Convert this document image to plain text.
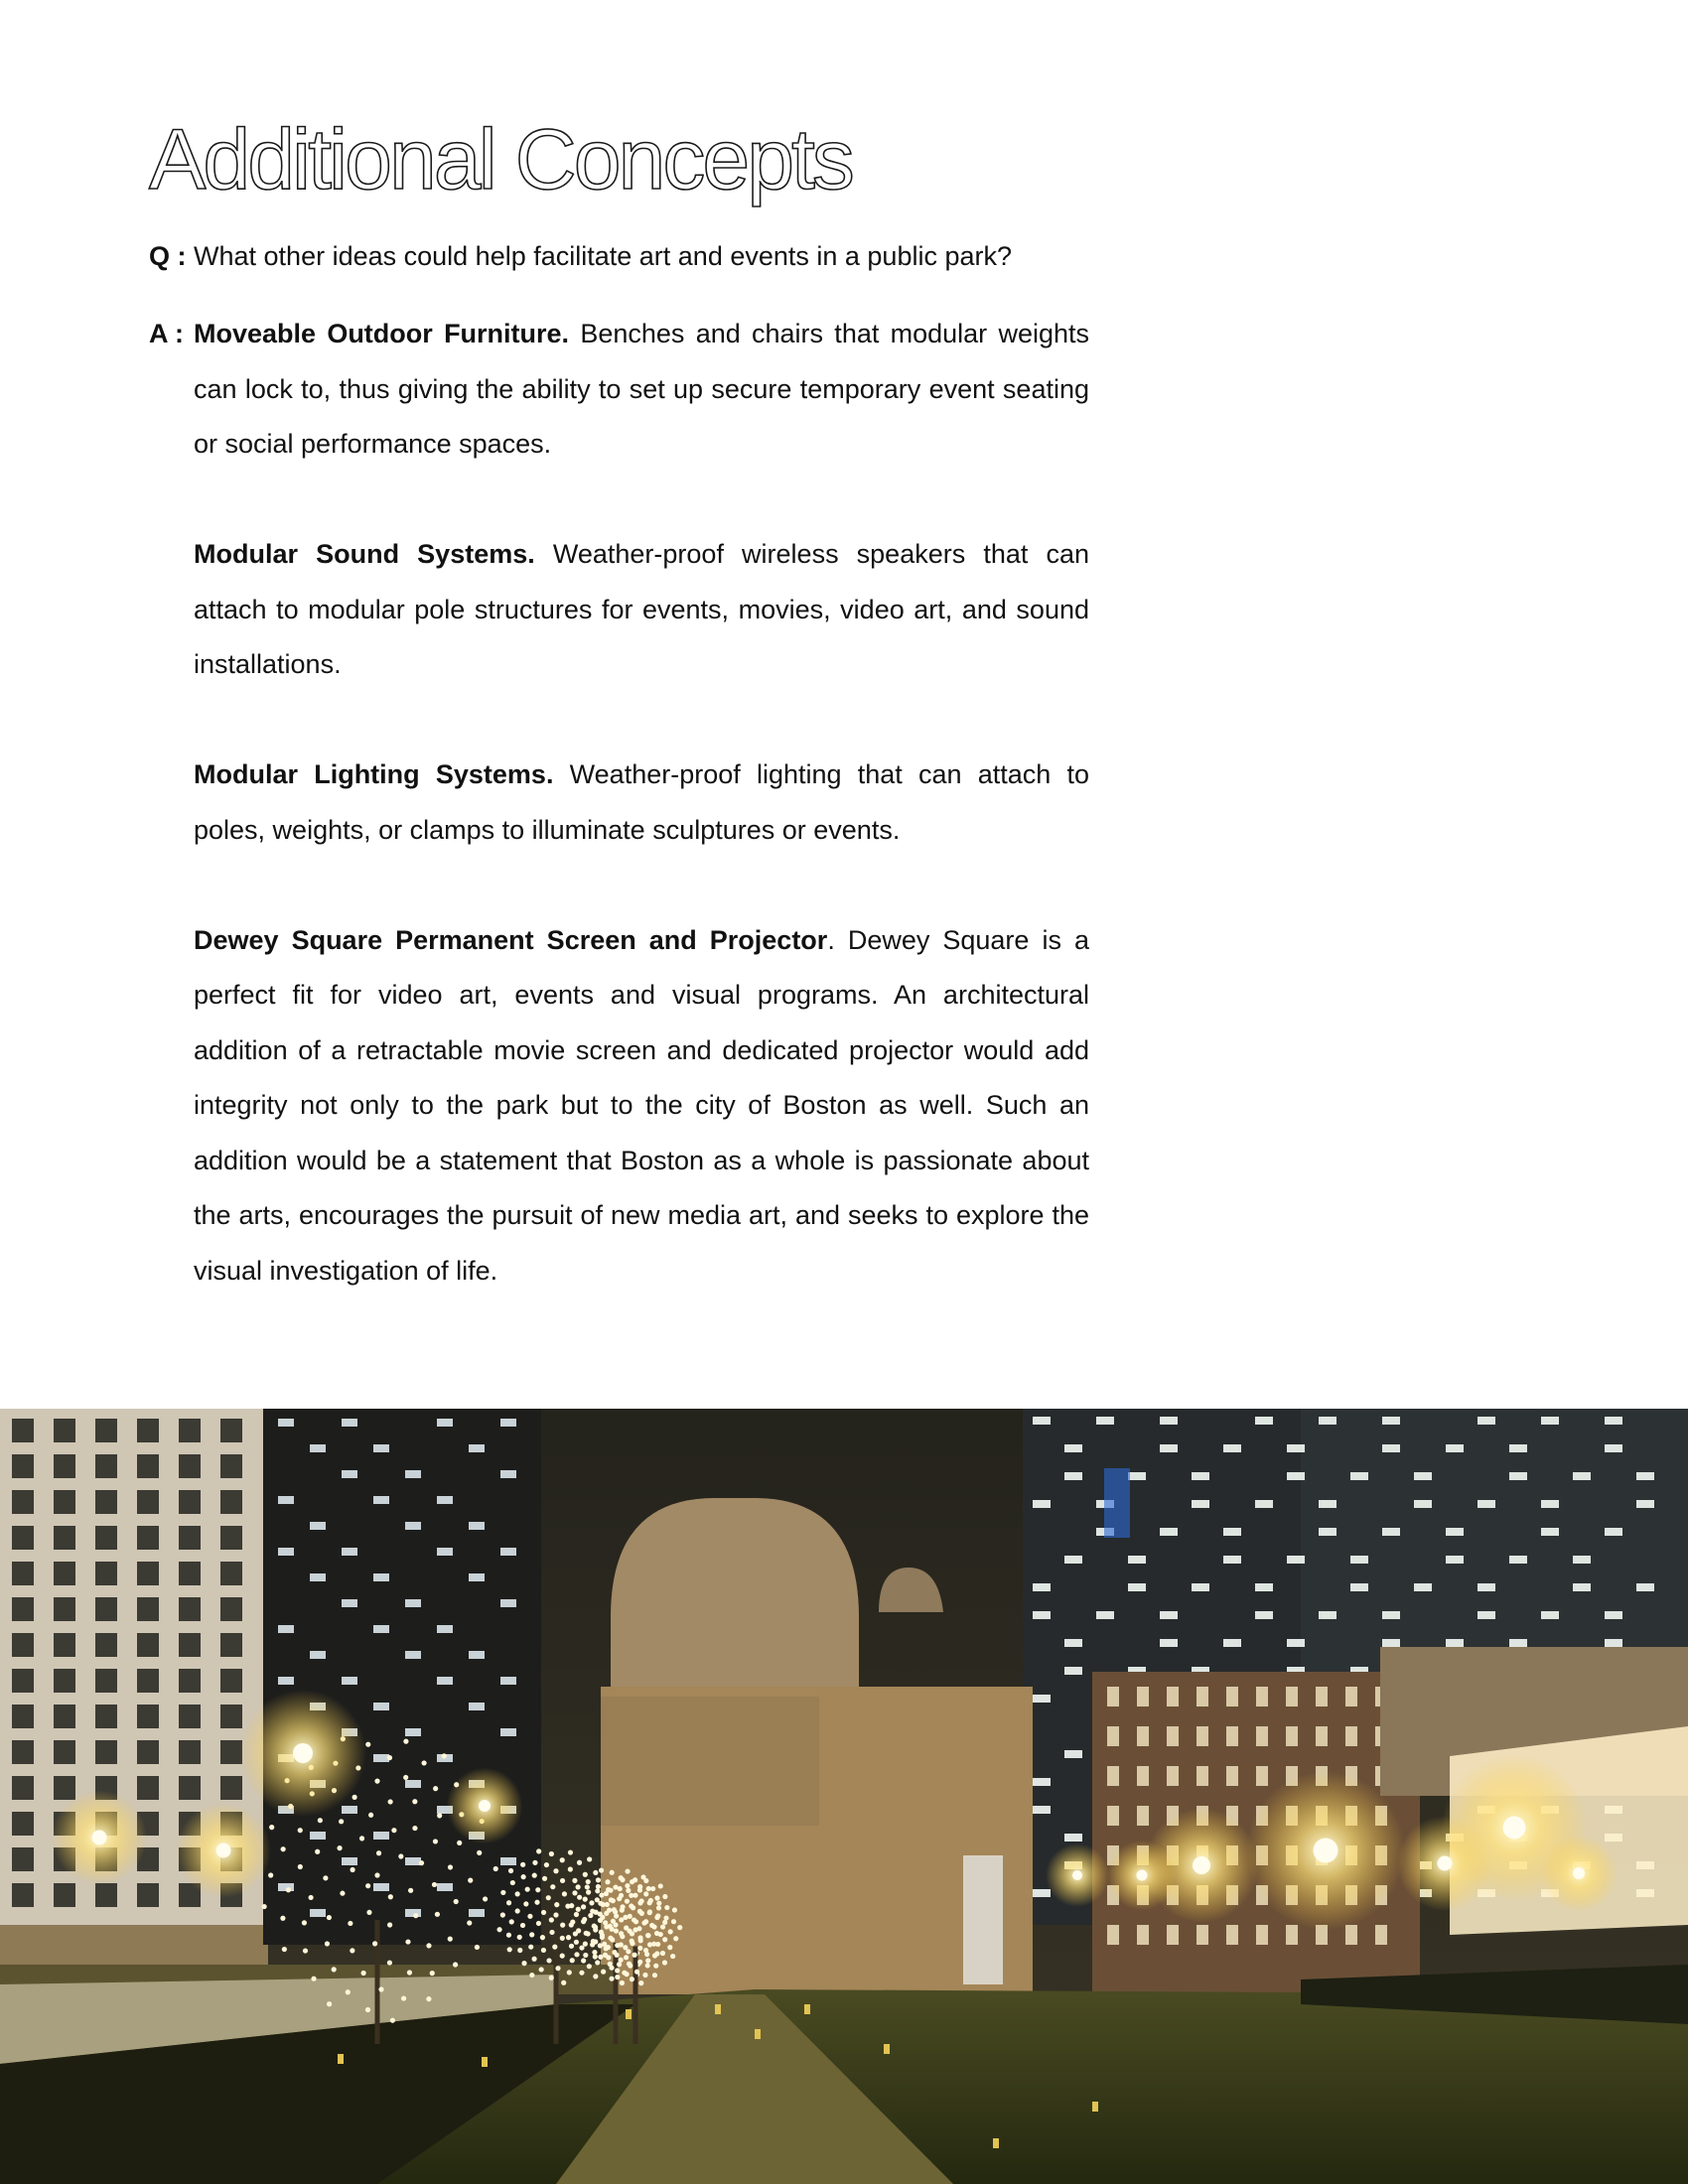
Additional Concepts
Q : What other ideas could help facilitate art and events in a public park?
A : Moveable Outdoor Furniture. Benches and chairs that modular weights can lock to, thus giving the ability to set up secure temporary event seating or social performance spaces.

Modular Sound Systems. Weather-proof wireless speakers that can attach to modular pole structures for events, movies, video art, and sound installations.

Modular Lighting Systems. Weather-proof lighting that can attach to poles, weights, or clamps to illuminate sculptures or events.

Dewey Square Permanent Screen and Projector. Dewey Square is a perfect fit for video art, events and visual programs. An architectural addition of a retractable movie screen and dedicated projector would add integrity not only to the park but to the city of Boston as well. Such an addition would be a statement that Boston as a whole is passionate about the arts, encourages the pursuit of new media art, and seeks to explore the visual investigation of life.
